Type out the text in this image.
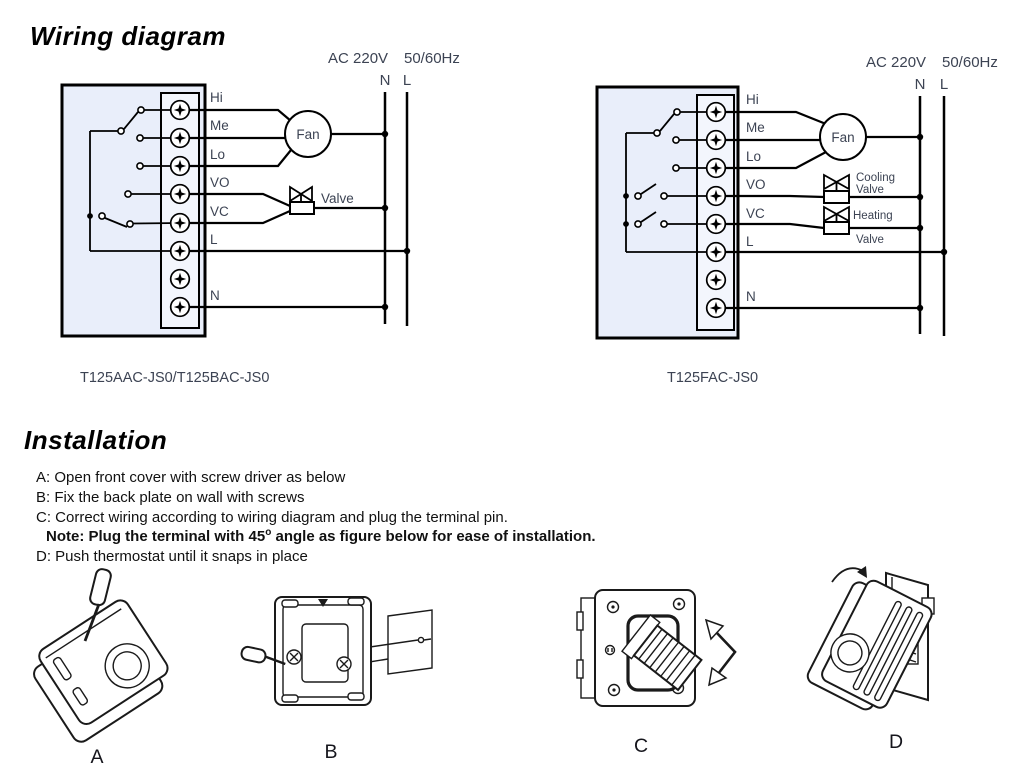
Wiring diagram
AC 220V 50/60Hz
N L
Fan
Valve
Hi
Me
Lo
VO
VC
L
N
T125AAC-JS0/T125BAC-JS0
AC 220V 50/60Hz
N L
Fan
Cooling
Valve
Heating
Valve
Hi
Me
Lo
VO
VC
L
N
T125FAC-JS0
Installation
A: Open front cover with screw driver as below
B: Fix the back plate on wall with screws
C: Correct wiring according to wiring diagram and plug the terminal pin.
Note: Plug the terminal with 45$^o$ angle as figure below for ease of installation.
D: Push thermostat until it snaps in place
A	B	C	D
